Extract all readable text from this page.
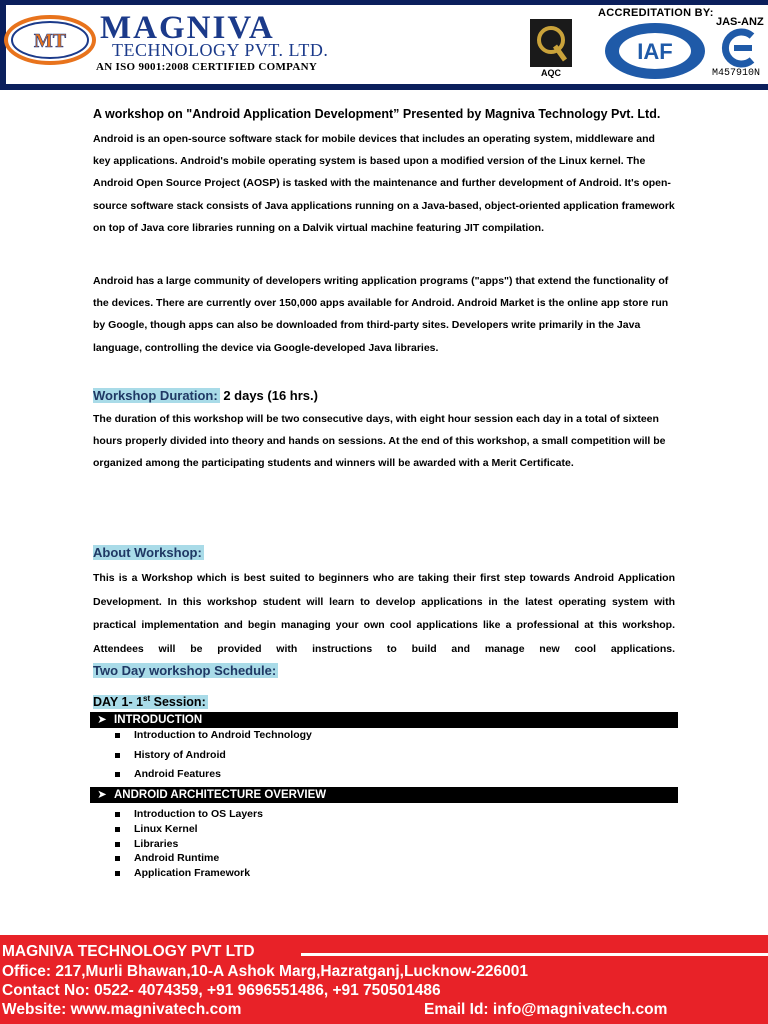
MT MAGNIVA
TECHNOLOGY PVT. LTD.
AN ISO 9001:2008 CERTIFIED COMPANY	AQC
ACCREDITATION BY:
JAS-ANZ
IAF
M457910N
A workshop on "Android Application Development” Presented by Magniva Technology Pvt. Ltd.
Android is an open-source software stack for mobile devices that includes an operating system, middleware and key applications. Android's mobile operating system is based upon a modified version of the Linux kernel. The Android Open Source Project (AOSP) is tasked with the maintenance and further development of Android. It's open-source software stack consists of Java applications running on a Java-based, object-oriented application framework on top of Java core libraries running on a Dalvik virtual machine featuring JIT compilation.
Android has a large community of developers writing application programs ("apps") that extend the functionality of the devices. There are currently over 150,000 apps available for Android. Android Market is the online app store run by Google, though apps can also be downloaded from third-party sites. Developers write primarily in the Java language, controlling the device via Google-developed Java libraries.
Workshop Duration: 2 days (16 hrs.)
The duration of this workshop will be two consecutive days, with eight hour session each day in a total of sixteen hours properly divided into theory and hands on sessions. At the end of this workshop, a small competition will be organized among the participating students and winners will be awarded with a Merit Certificate.
About Workshop:
This is a Workshop which is best suited to beginners who are taking their first step towards Android Application Development. In this workshop student will learn to develop applications in the latest operating system with practical implementation and begin managing your own cool applications like a professional at this workshop. Attendees will be provided with instructions to build and manage new cool applications.
Two Day workshop Schedule:
DAY 1- 1st Session:
➤ INTRODUCTION
Introduction to Android Technology
History of Android
Android Features
➤ ANDROID ARCHITECTURE OVERVIEW
Introduction to OS Layers
Linux Kernel
Libraries
Android Runtime
Application Framework
MAGNIVA TECHNOLOGY PVT LTD
Office: 217,Murli Bhawan,10-A Ashok Marg,Hazratganj,Lucknow-226001
Contact No: 0522- 4074359, +91 9696551486, +91 750501486
Website: www.magnivatech.com	Email Id: info@magnivatech.com
